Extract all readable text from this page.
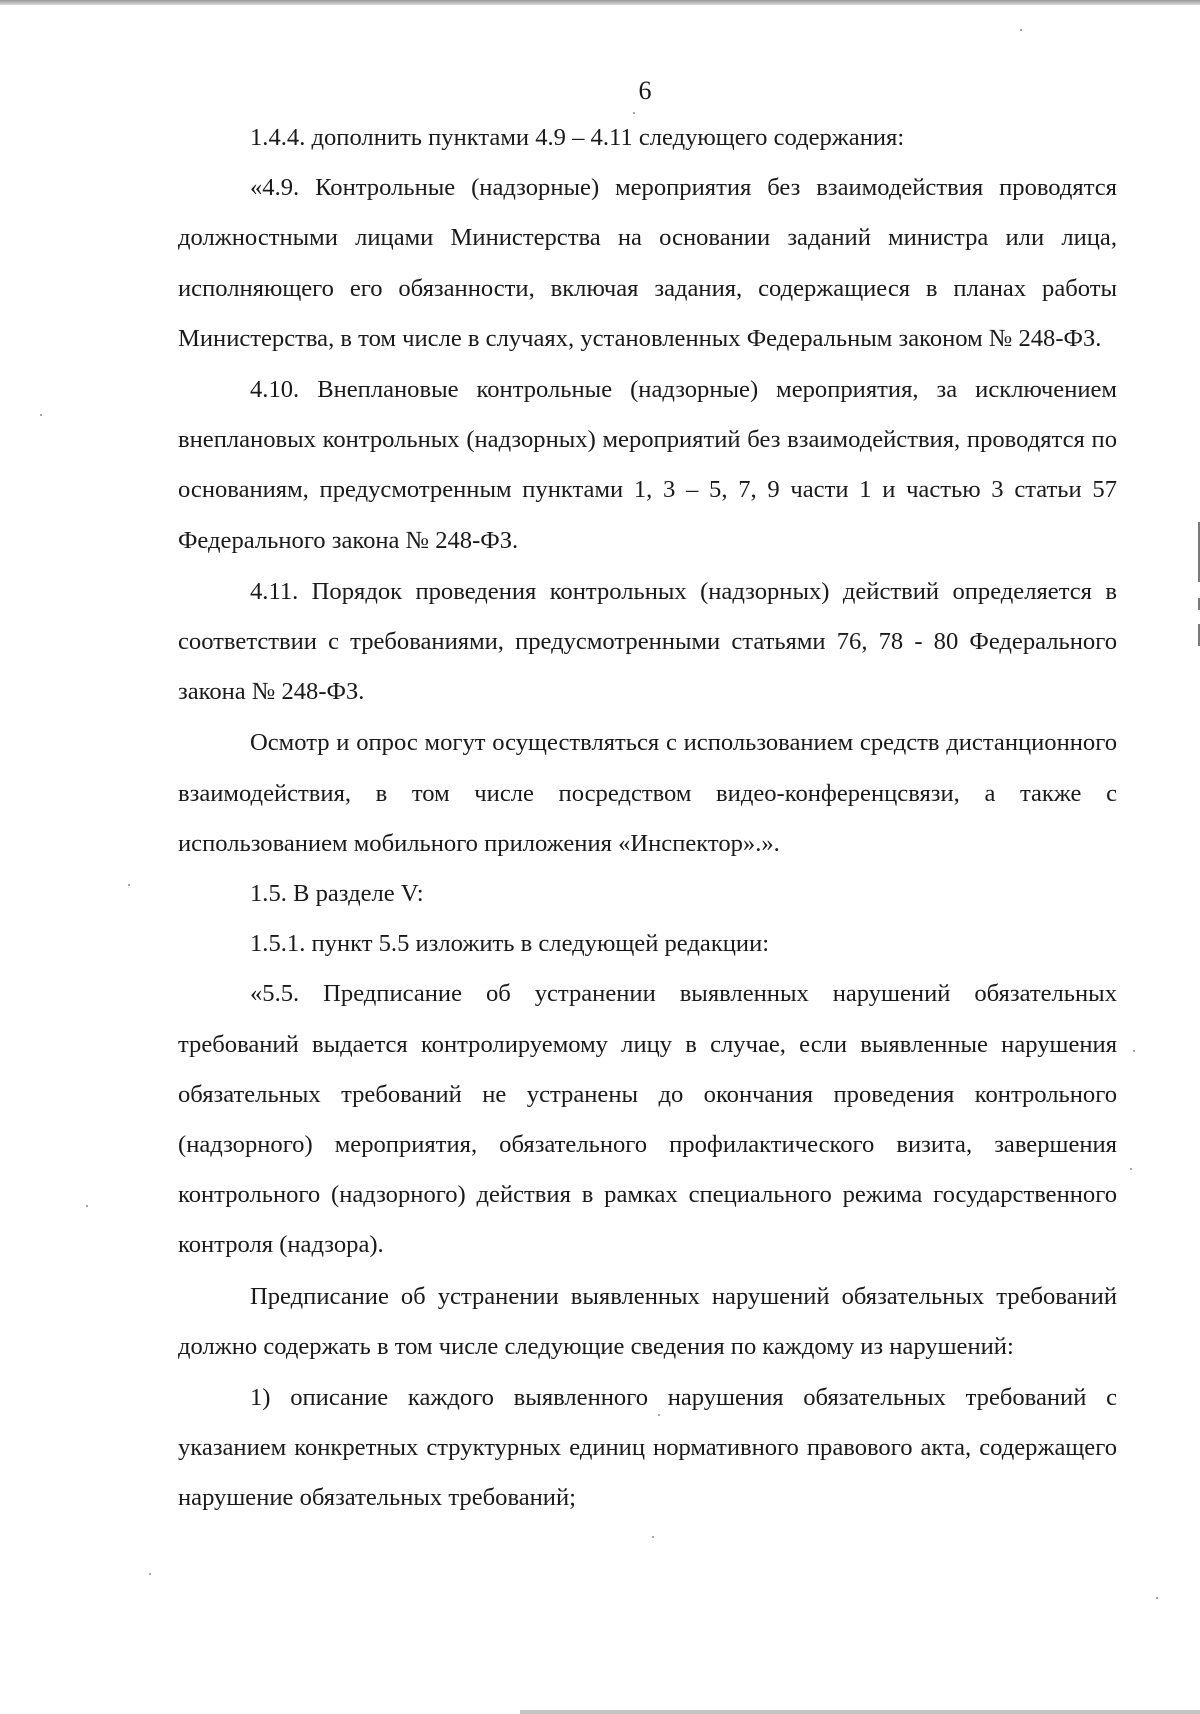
6

1.4.4. дополнить пунктами 4.9 – 4.11 следующего содержания:

«4.9. Контрольные (надзорные) мероприятия без взаимодействия проводятся должностными лицами Министерства на основании заданий министра или лица, исполняющего его обязанности, включая задания, содержащиеся в планах работы Министерства, в том числе в случаях, установленных Федеральным законом № 248-ФЗ.

4.10. Внеплановые контрольные (надзорные) мероприятия, за исключением внеплановых контрольных (надзорных) мероприятий без взаимодействия, проводятся по основаниям, предусмотренным пунктами 1, 3 – 5, 7, 9 части 1 и частью 3 статьи 57 Федерального закона № 248-ФЗ.

4.11. Порядок проведения контрольных (надзорных) действий определяется в соответствии с требованиями, предусмотренными статьями 76, 78 - 80 Федерального закона № 248-ФЗ.

Осмотр и опрос могут осуществляться с использованием средств дистанционного взаимодействия, в том числе посредством видео-конференцсвязи, а также с использованием мобильного приложения «Инспектор».».

1.5. В разделе V:

1.5.1. пункт 5.5 изложить в следующей редакции:

«5.5. Предписание об устранении выявленных нарушений обязательных требований выдается контролируемому лицу в случае, если выявленные нарушения обязательных требований не устранены до окончания проведения контрольного (надзорного) мероприятия, обязательного профилактического визита, завершения контрольного (надзорного) действия в рамках специального режима государственного контроля (надзора).

Предписание об устранении выявленных нарушений обязательных требований должно содержать в том числе следующие сведения по каждому из нарушений:

1) описание каждого выявленного нарушения обязательных требований с указанием конкретных структурных единиц нормативного правового акта, содержащего нарушение обязательных требований;
